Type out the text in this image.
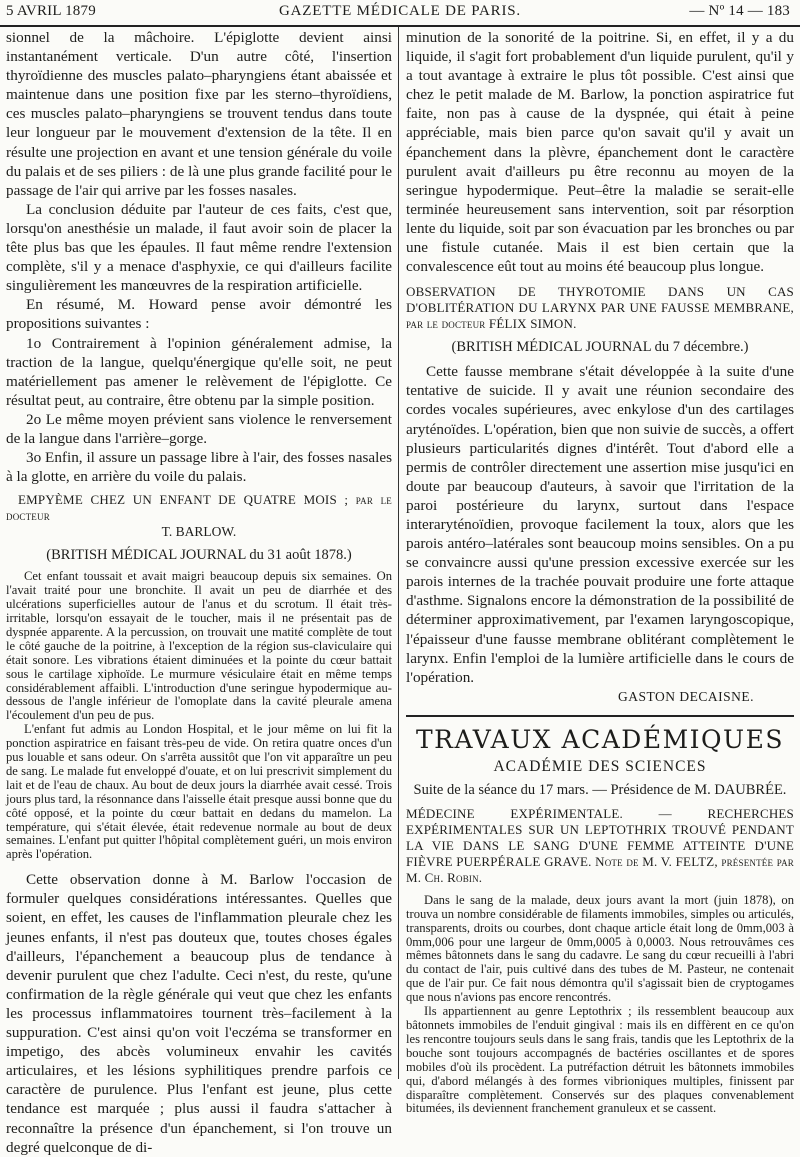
5 AVRIL 1879	GAZETTE MÉDICALE DE PARIS.	— Nº 14 — 183

sionnel de la mâchoire. L'épiglotte devient ainsi instantanément verticale. D'un autre côté, l'insertion thyroïdienne des muscles palato–pharyngiens étant abaissée et maintenue dans une position fixe par les sterno–thyroïdiens, ces muscles palato–pharyngiens se trouvent tendus dans toute leur longueur par le mouvement d'extension de la tête. Il en résulte une projection en avant et une tension générale du voile du palais et de ses piliers : de là une plus grande facilité pour le passage de l'air qui arrive par les fosses nasales.

La conclusion déduite par l'auteur de ces faits, c'est que, lorsqu'on anesthésie un malade, il faut avoir soin de placer la tête plus bas que les épaules. Il faut même rendre l'extension complète, s'il y a menace d'asphyxie, ce qui d'ailleurs facilite singulièrement les manœuvres de la respiration artificielle.

En résumé, M. Howard pense avoir démontré les propositions suivantes :

1o Contrairement à l'opinion généralement admise, la traction de la langue, quelqu'énergique qu'elle soit, ne peut matériellement pas amener le relèvement de l'épiglotte. Ce résultat peut, au contraire, être obtenu par la simple position.

2o Le même moyen prévient sans violence le renversement de la langue dans l'arrière–gorge.

3o Enfin, il assure un passage libre à l'air, des fosses nasales à la glotte, en arrière du voile du palais.

EMPYÈME CHEZ UN ENFANT DE QUATRE MOIS ; par le docteur

T. BARLOW.

(BRITISH MÉDICAL JOURNAL du 31 août 1878.)

Cet enfant toussait et avait maigri beaucoup depuis six semaines. On l'avait traité pour une bronchite. Il avait un peu de diarrhée et des ulcérations superficielles autour de l'anus et du scrotum. Il était très-irritable, lorsqu'on essayait de le toucher, mais il ne présentait pas de dyspnée apparente. A la percussion, on trouvait une matité complète de tout le côté gauche de la poitrine, à l'exception de la région sus-claviculaire qui était sonore. Les vibrations étaient diminuées et la pointe du cœur battait sous le cartilage xiphoïde. Le murmure vésiculaire était en même temps considérablement affaibli. L'introduction d'une seringue hypodermique au-dessous de l'angle inférieur de l'omoplate dans la cavité pleurale amena l'écoulement d'un peu de pus.

L'enfant fut admis au London Hospital, et le jour même on lui fit la ponction aspiratrice en faisant très-peu de vide. On retira quatre onces d'un pus louable et sans odeur. On s'arrêta aussitôt que l'on vit apparaître un peu de sang. Le malade fut enveloppé d'ouate, et on lui prescrivit simplement du lait et de l'eau de chaux. Au bout de deux jours la diarrhée avait cessé. Trois jours plus tard, la résonnance dans l'aisselle était presque aussi bonne que du côté opposé, et la pointe du cœur battait en dedans du mamelon. La température, qui s'était élevée, était redevenue normale au bout de deux semaines. L'enfant put quitter l'hôpital complètement guéri, un mois environ après l'opération.

Cette observation donne à M. Barlow l'occasion de formuler quelques considérations intéressantes. Quelles que soient, en effet, les causes de l'inflammation pleurale chez les jeunes enfants, il n'est pas douteux que, toutes choses égales d'ailleurs, l'épanchement a beaucoup plus de tendance à devenir purulent que chez l'adulte. Ceci n'est, du reste, qu'une confirmation de la règle générale qui veut que chez les enfants les processus inflammatoires tournent très–facilement à la suppuration. C'est ainsi qu'on voit l'eczéma se transformer en impetigo, des abcès volumineux envahir les cavités articulaires, et les lésions syphilitiques prendre parfois ce caractère de purulence. Plus l'enfant est jeune, plus cette tendance est marquée ; plus aussi il faudra s'attacher à reconnaître la présence d'un épanchement, si l'on trouve un degré quelconque de di-

minution de la sonorité de la poitrine. Si, en effet, il y a du liquide, il s'agit fort probablement d'un liquide purulent, qu'il y a tout avantage à extraire le plus tôt possible. C'est ainsi que chez le petit malade de M. Barlow, la ponction aspiratrice fut faite, non pas à cause de la dyspnée, qui était à peine appréciable, mais bien parce qu'on savait qu'il y avait un épanchement dans la plèvre, épanchement dont le caractère purulent avait d'ailleurs pu être reconnu au moyen de la seringue hypodermique. Peut–être la maladie se serait-elle terminée heureusement sans intervention, soit par résorption lente du liquide, soit par son évacuation par les bronches ou par une fistule cutanée. Mais il est bien certain que la convalescence eût tout au moins été beaucoup plus longue.

OBSERVATION DE THYROTOMIE DANS UN CAS D'OBLITÉRATION DU LARYNX PAR UNE FAUSSE MEMBRANE, par le docteur FÉLIX SIMON.

(BRITISH MÉDICAL JOURNAL du 7 décembre.)

Cette fausse membrane s'était développée à la suite d'une tentative de suicide. Il y avait une réunion secondaire des cordes vocales supérieures, avec enkylose d'un des cartilages aryténoïdes. L'opération, bien que non suivie de succès, a offert plusieurs particularités dignes d'intérêt. Tout d'abord elle a permis de contrôler directement une assertion mise jusqu'ici en doute par beaucoup d'auteurs, à savoir que l'irritation de la paroi postérieure du larynx, surtout dans l'espace interaryténoïdien, provoque facilement la toux, alors que les parois antéro–latérales sont beaucoup moins sensibles. On a pu se convaincre aussi qu'une pression excessive exercée sur les parois internes de la trachée pouvait produire une forte attaque d'asthme. Signalons encore la démonstration de la possibilité de déterminer approximativement, par l'examen laryngoscopique, l'épaisseur d'une fausse membrane oblitérant complètement le larynx. Enfin l'emploi de la lumière artificielle dans le cours de l'opération.

GASTON DECAISNE.

TRAVAUX ACADÉMIQUES

ACADÉMIE DES SCIENCES

Suite de la séance du 17 mars. — Présidence de M. DAUBRÉE.

MÉDECINE EXPÉRIMENTALE. — RECHERCHES EXPÉRIMENTALES SUR UN LEPTOTHRIX TROUVÉ PENDANT LA VIE DANS LE SANG D'UNE FEMME ATTEINTE D'UNE FIÈVRE PUERPÉRALE GRAVE. Note de M. V. FELTZ, présentée par M. Ch. Robin.

Dans le sang de la malade, deux jours avant la mort (juin 1878), on trouva un nombre considérable de filaments immobiles, simples ou articulés, transparents, droits ou courbes, dont chaque article était long de 0mm,003 à 0mm,006 pour une largeur de 0mm,0005 à 0,0003. Nous retrouvâmes ces mêmes bâtonnets dans le sang du cadavre. Le sang du cœur recueilli à l'abri du contact de l'air, puis cultivé dans des tubes de M. Pasteur, ne contenait que de l'air pur. Ce fait nous démontra qu'il s'agissait bien de cryptogames que nous n'avions pas encore rencontrés.

Ils appartiennent au genre Leptothrix ; ils ressemblent beaucoup aux bâtonnets immobiles de l'enduit gingival : mais ils en diffèrent en ce qu'on les rencontre toujours seuls dans le sang frais, tandis que les Leptothrix de la bouche sont toujours accompagnés de bactéries oscillantes et de spores mobiles d'où ils procèdent. La putréfaction détruit les bâtonnets immobiles qui, d'abord mélangés à des formes vibrioniques multiples, finissent par disparaître complètement. Conservés sur des plaques convenablement bitumées, ils deviennent franchement granuleux et se cassent.
